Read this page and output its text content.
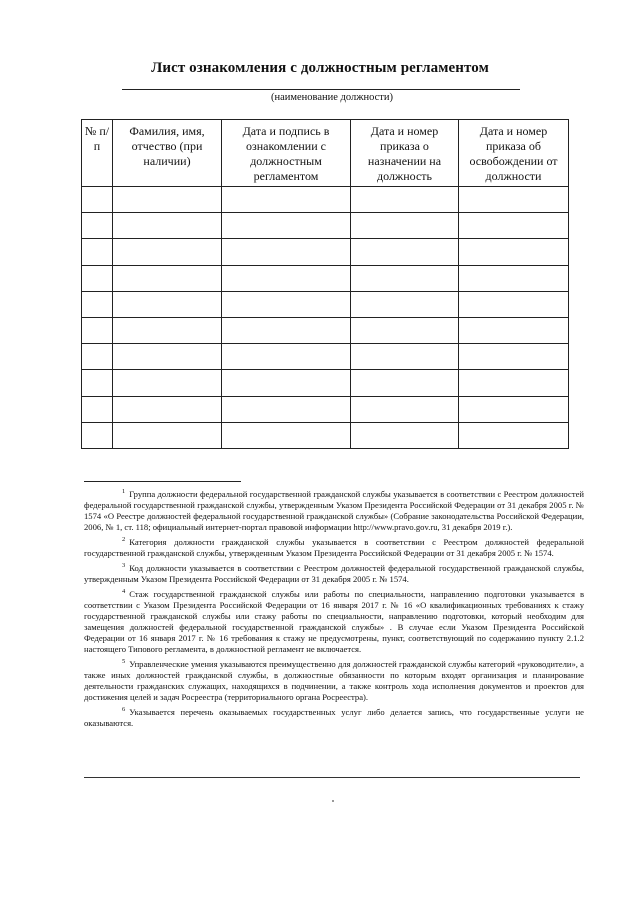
Лист ознакомления с должностным регламентом
(наименование должности)
№ п/п	Фамилия, имя, отчество (при наличии)	Дата и подпись в ознакомлении с должностным регламентом	Дата и номер приказа о назначении на должность	Дата и номер приказа об освобождении от должности

$^1$ Группа должности федеральной государственной гражданской службы указывается в соответствии с Реестром должностей федеральной государственной гражданской службы, утвержденным Указом Президента Российской Федерации от 31 декабря 2005 г. № 1574 «О Реестре должностей федеральной государственной гражданской службы» (Собрание законодательства Российской Федерации, 2006, № 1, ст. 118; официальный интернет-портал правовой информации http://www.pravo.gov.ru, 31 декабря 2019 г.).

$^2$ Категория должности гражданской службы указывается в соответствии с Реестром должностей федеральной государственной гражданской службы, утвержденным Указом Президента Российской Федерации от 31 декабря 2005 г. № 1574.

$^3$ Код должности указывается в соответствии с Реестром должностей федеральной государственной гражданской службы, утвержденным Указом Президента Российской Федерации от 31 декабря 2005 г. № 1574.

$^4$ Стаж государственной гражданской службы или работы по специальности, направлению подготовки указывается в соответствии с Указом Президента Российской Федерации от 16 января 2017 г. № 16 «О квалификационных требованиях к стажу государственной гражданской службы или стажу работы по специальности, направлению подготовки, который необходим для замещения должностей федеральной государственной гражданской службы» . В случае если Указом Президента Российской Федерации от 16 января 2017 г. № 16 требования к стажу не предусмотрены, пункт, соответствующий по содержанию пункту 2.1.2 настоящего Типового регламента, в должностной регламент не включается.

$^5$ Управленческие умения указываются преимущественно для должностей гражданской службы категорий «руководители», а также иных должностей гражданской службы, в должностные обязанности по которым входят организация и планирование деятельности гражданских служащих, находящихся в подчинении, а также контроль хода исполнения документов и проектов для достижения целей и задач Росреестра (территориального органа Росреестра).

$^6$ Указывается перечень оказываемых государственных услуг либо делается запись, что государственные услуги не оказываются.
